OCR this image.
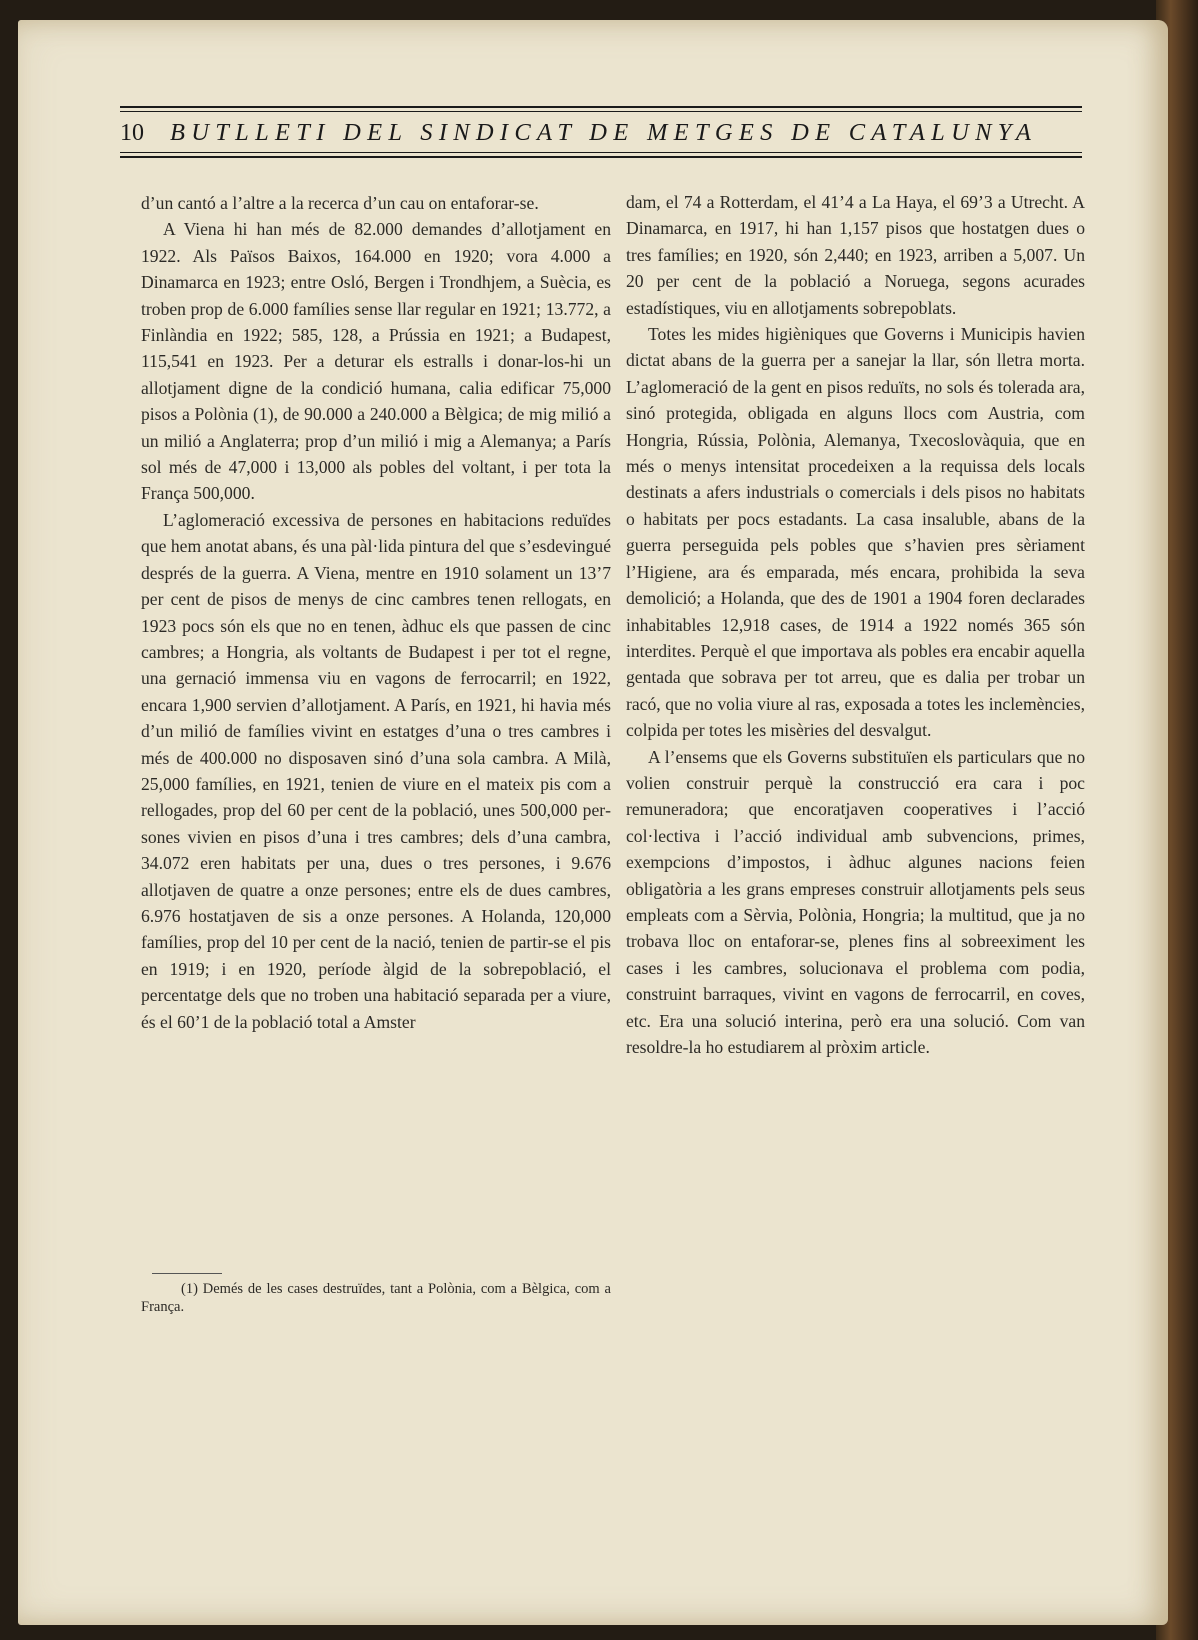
10	BUTLLETI DEL SINDICAT DE METGES DE CATALUNYA

d’un cantó a l’altre a la recerca d’un cau on entaforar-se.

A Viena hi han més de 82.000 demandes d’allotjament en 1922. Als Països Baixos, 164.000 en 1920; vora 4.000 a Dinamarca en 1923; entre Osló, Bergen i Trondhjem, a Suècia, es troben prop de 6.000 famílies sense llar regular en 1921; 13.772, a Finlàndia en 1922; 585, 128, a Prússia en 1921; a Budapest, 115,541 en 1923. Per a deturar els estralls i donar-los-hi un allotjament digne de la condició humana, calia edificar 75,000 pisos a Polònia (1), de 90.000 a 240.000 a Bèlgica; de mig milió a un milió a Anglaterra; prop d’un milió i mig a Alemanya; a París sol més de 47,000 i 13,000 als pobles del voltant, i per tota la França 500,000.

L’aglomeració excessiva de persones en habitacions reduïdes que hem anotat abans, és una pàl·lida pintura del que s’esdevingué després de la guerra. A Viena, mentre en 1910 solament un 13’7 per cent de pisos de menys de cinc cambres tenen rellogats, en 1923 pocs són els que no en tenen, àdhuc els que passen de cinc cambres; a Hongria, als voltants de Budapest i per tot el regne, una gernació immensa viu en vagons de ferrocarril; en 1922, encara 1,900 servien d’allotjament. A París, en 1921, hi havia més d’un milió de famílies vivint en estatges d’una o tres cambres i més de 400.000 no disposaven sinó d’una sola cambra. A Milà, 25,000 famílies, en 1921, tenien de viure en el mateix pis com a rellogades, prop del 60 per cent de la població, unes 500,000 persones vivien en pisos d’una i tres cambres; dels d’una cambra, 34.072 eren habitats per una, dues o tres persones, i 9.676 allotjaven de quatre a onze persones; entre els de dues cambres, 6.976 hostatjaven de sis a onze persones. A Holanda, 120,000 famílies, prop del 10 per cent de la nació, tenien de partir-se el pis en 1919; i en 1920, període àlgid de la sobrepoblació, el percentatge dels que no troben una habitació separada per a viure, és el 60’1 de la població total a Amster

(1) Demés de les cases destruïdes, tant a Polònia, com a Bèlgica, com a França.

dam, el 74 a Rotterdam, el 41’4 a La Haya, el 69’3 a Utrecht. A Dinamarca, en 1917, hi han 1,157 pisos que hostatgen dues o tres famílies; en 1920, són 2,440; en 1923, arriben a 5,007. Un 20 per cent de la població a Noruega, segons acurades estadístiques, viu en allotjaments sobrepoblats.

Totes les mides higièniques que Governs i Municipis havien dictat abans de la guerra per a sanejar la llar, són lletra morta. L’aglomeració de la gent en pisos reduïts, no sols és tolerada ara, sinó protegida, obligada en alguns llocs com Austria, com Hongria, Rússia, Polònia, Alemanya, Txecoslovàquia, que en més o menys intensitat procedeixen a la requissa dels locals destinats a afers industrials o comercials i dels pisos no habitats o habitats per pocs estadants. La casa insaluble, abans de la guerra perseguida pels pobles que s’havien pres sèriament l’Higiene, ara és emparada, més encara, prohibida la seva demolició; a Holanda, que des de 1901 a 1904 foren declarades inhabitables 12,918 cases, de 1914 a 1922 només 365 són interdites. Perquè el que importava als pobles era encabir aquella gentada que sobrava per tot arreu, que es dalia per trobar un racó, que no volia viure al ras, exposada a totes les inclemències, colpida per totes les misèries del desvalgut.

A l’ensems que els Governs substituïen els particulars que no volien construir perquè la construcció era cara i poc remuneradora; que encoratjaven cooperatives i l’acció col·lectiva i l’acció individual amb subvencions, primes, exempcions d’impostos, i àdhuc algunes nacions feien obligatòria a les grans empreses construir allotjaments pels seus empleats com a Sèrvia, Polònia, Hongria; la multitud, que ja no trobava lloc on entaforar-se, plenes fins al sobreeximent les cases i les cambres, solucionava el problema com podia, construint barraques, vivint en vagons de ferrocarril, en coves, etc. Era una solució interina, però era una solució. Com van resoldre-la ho estudiarem al pròxim article.
